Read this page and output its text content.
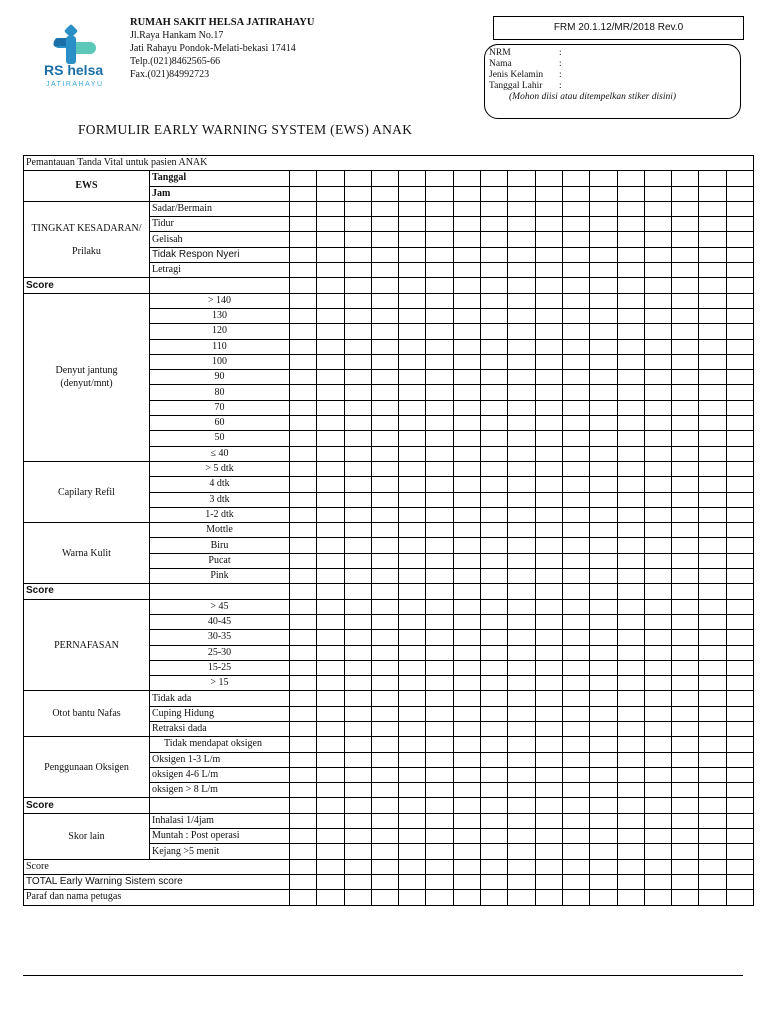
RS helsa
JATIRAHAYU
RUMAH SAKIT HELSA JATIRAHAYU
Jl.Raya Hankam No.17
Jati Rahayu Pondok-Melati-bekasi 17414
Telp.(021)8462565-66
Fax.(021)84992723
FRM 20.1.12/MR/2018 Rev.0
NRM	:
Nama	:
Jenis Kelamin	:
Tanggal Lahir	:
(Mohon diisi atau ditempelkan stiker disini)
FORMULIR EARLY WARNING SYSTEM (EWS) ANAK
Pemantauan Tanda Vital untuk pasien ANAK																		
EWS	Tanggal																	
	Jam																	

TINGKAT KESADARAN/
Prilaku	Sadar/Bermain																	
	Tidur																	
	Gelisah																	
	Tidak Respon Nyeri																	
	Letragi																	
Score																		

Denyut jantung
(denyut/mnt)	> 140																	
	130																	
	120																	
	110																	
	100																	
	90																	
	80																	
	70																	
	60																	
	50																	
	≤ 40																	

Capilary Refil	> 5 dtk																	
	4 dtk																	
	3 dtk																	
	1-2 dtk																	

Warna Kulit	Mottle																	
	Biru																	
	Pucat																	
	Pink																	
Score																		

PERNAFASAN	> 45																	
	40-45																	
	30-35																	
	25-30																	
	15-25																	
	> 15																	

Otot bantu Nafas	Tidak ada																	
	Cuping Hidung																	
	Retraksi dada																	

Penggunaan Oksigen	Tidak mendapat oksigen																	
	Oksigen 1-3 L/m																	
	oksigen 4-6 L/m																	
	oksigen > 8 L/m																	
Score																		

Skor lain	Inhalasi 1/4jam																	
	Muntah : Post operasi																	
	Kejang >5 menit																	
Score																		
TOTAL Early Warning Sistem score																		
Paraf dan nama petugas																		
